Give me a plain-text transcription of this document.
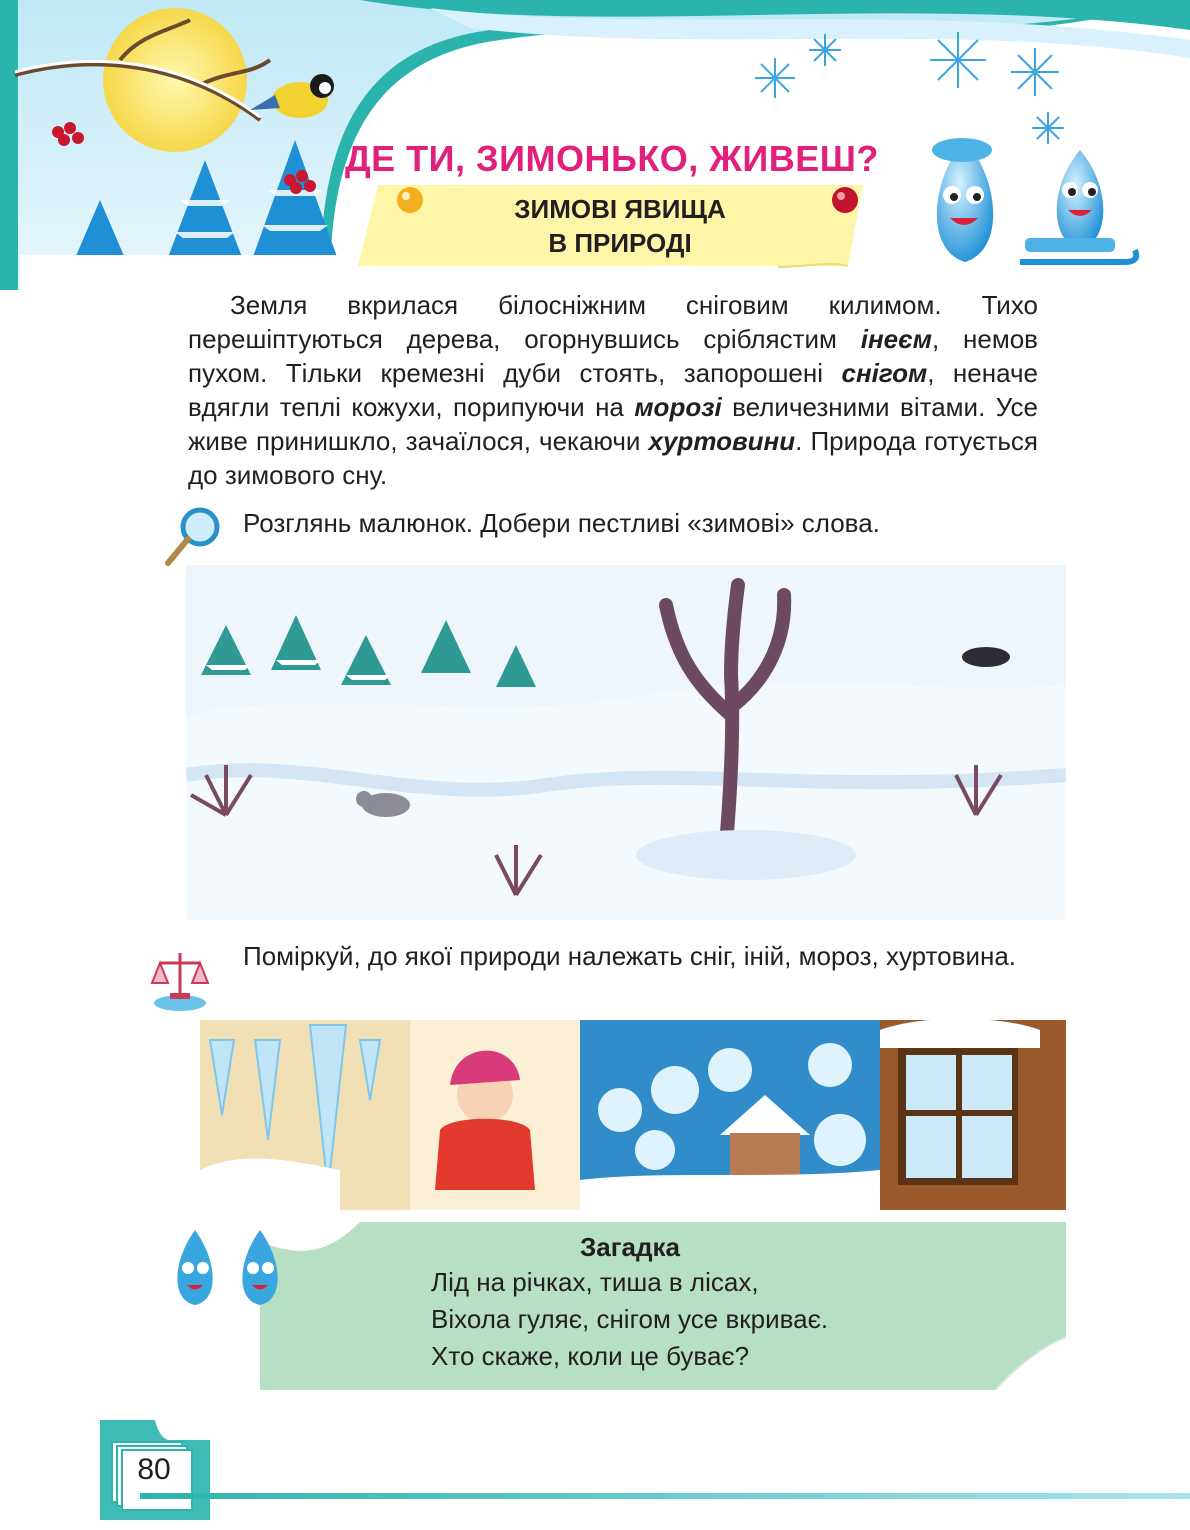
ДЕ ТИ, ЗИМОНЬКО, ЖИВЕШ?
ЗИМОВІ ЯВИЩА
В ПРИРОДІ
Земля вкрилася білосніжним сніговим килимом. Тихо перешіптуються дерева, огорнувшись сріблястим інеєм, немов пухом. Тільки кремезні дуби стоять, запорошені снігом, неначе вдягли теплі кожухи, порипуючи на морозі величезними вітами. Усе живе принишкло, зачаїлося, чекаючи хуртовини. Природа готується до зимового сну.
Розглянь малюнок. Добери пестливі «зимові» слова.
Поміркуй, до якої природи належать сніг, іній, мороз, хуртовина.
Загадка
Лід на річках, тиша в лісах,
Віхола гуляє, снігом усе вкриває.
Хто скаже, коли це буває?
80
